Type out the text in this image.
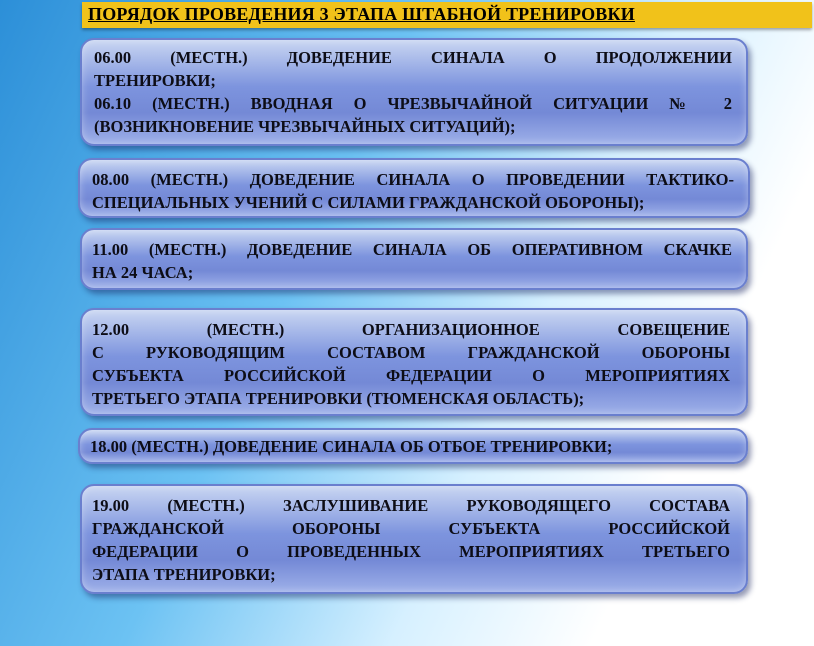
ПОРЯДОК ПРОВЕДЕНИЯ 3 ЭТАПА ШТАБНОЙ ТРЕНИРОВКИ

06.00 (МЕСТН.) ДОВЕДЕНИЕ СИНАЛА О ПРОДОЛЖЕНИИ

ТРЕНИРОВКИ;

06.10 (МЕСТН.) ВВОДНАЯ О ЧРЕЗВЫЧАЙНОЙ СИТУАЦИИ № 2

(ВОЗНИКНОВЕНИЕ ЧРЕЗВЫЧАЙНЫХ СИТУАЦИЙ);

08.00 (МЕСТН.) ДОВЕДЕНИЕ СИНАЛА О ПРОВЕДЕНИИ ТАКТИКО-

СПЕЦИАЛЬНЫХ УЧЕНИЙ С СИЛАМИ ГРАЖДАНСКОЙ ОБОРОНЫ);

11.00 (МЕСТН.) ДОВЕДЕНИЕ СИНАЛА ОБ ОПЕРАТИВНОМ СКАЧКЕ

НА 24 ЧАСА;

12.00 (МЕСТН.) ОРГАНИЗАЦИОННОЕ СОВЕЩЕНИЕ

С РУКОВОДЯЩИМ СОСТАВОМ ГРАЖДАНСКОЙ ОБОРОНЫ

СУБЪЕКТА РОССИЙСКОЙ ФЕДЕРАЦИИ О МЕРОПРИЯТИЯХ

ТРЕТЬЕГО ЭТАПА ТРЕНИРОВКИ (ТЮМЕНСКАЯ ОБЛАСТЬ);

18.00 (МЕСТН.) ДОВЕДЕНИЕ СИНАЛА ОБ ОТБОЕ ТРЕНИРОВКИ;

19.00 (МЕСТН.) ЗАСЛУШИВАНИЕ РУКОВОДЯЩЕГО СОСТАВА

ГРАЖДАНСКОЙ ОБОРОНЫ СУБЪЕКТА РОССИЙСКОЙ

ФЕДЕРАЦИИ О ПРОВЕДЕННЫХ МЕРОПРИЯТИЯХ ТРЕТЬЕГО

ЭТАПА ТРЕНИРОВКИ;
